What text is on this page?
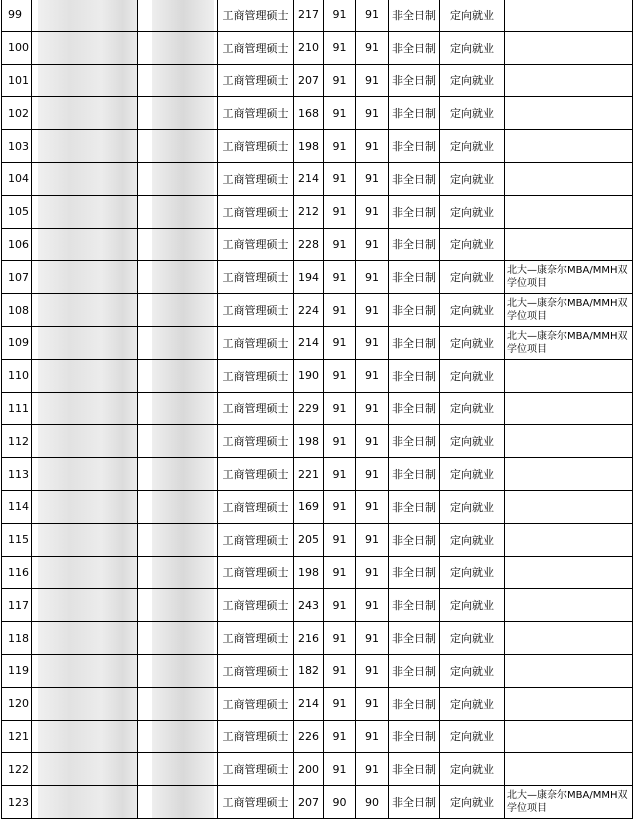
99			工商管理硕士	217	91	91	非全日制	定向就业	
100			工商管理硕士	210	91	91	非全日制	定向就业	
101			工商管理硕士	207	91	91	非全日制	定向就业	
102			工商管理硕士	168	91	91	非全日制	定向就业	
103			工商管理硕士	198	91	91	非全日制	定向就业	
104			工商管理硕士	214	91	91	非全日制	定向就业	
105			工商管理硕士	212	91	91	非全日制	定向就业	
106			工商管理硕士	228	91	91	非全日制	定向就业	
107			工商管理硕士	194	91	91	非全日制	定向就业	北大—康奈尔MBA/MMH双学位项目
108			工商管理硕士	224	91	91	非全日制	定向就业	北大—康奈尔MBA/MMH双学位项目
109			工商管理硕士	214	91	91	非全日制	定向就业	北大—康奈尔MBA/MMH双学位项目
110			工商管理硕士	190	91	91	非全日制	定向就业	
111			工商管理硕士	229	91	91	非全日制	定向就业	
112			工商管理硕士	198	91	91	非全日制	定向就业	
113			工商管理硕士	221	91	91	非全日制	定向就业	
114			工商管理硕士	169	91	91	非全日制	定向就业	
115			工商管理硕士	205	91	91	非全日制	定向就业	
116			工商管理硕士	198	91	91	非全日制	定向就业	
117			工商管理硕士	243	91	91	非全日制	定向就业	
118			工商管理硕士	216	91	91	非全日制	定向就业	
119			工商管理硕士	182	91	91	非全日制	定向就业	
120			工商管理硕士	214	91	91	非全日制	定向就业	
121			工商管理硕士	226	91	91	非全日制	定向就业	
122			工商管理硕士	200	91	91	非全日制	定向就业	
123			工商管理硕士	207	90	90	非全日制	定向就业	北大—康奈尔MBA/MMH双学位项目
